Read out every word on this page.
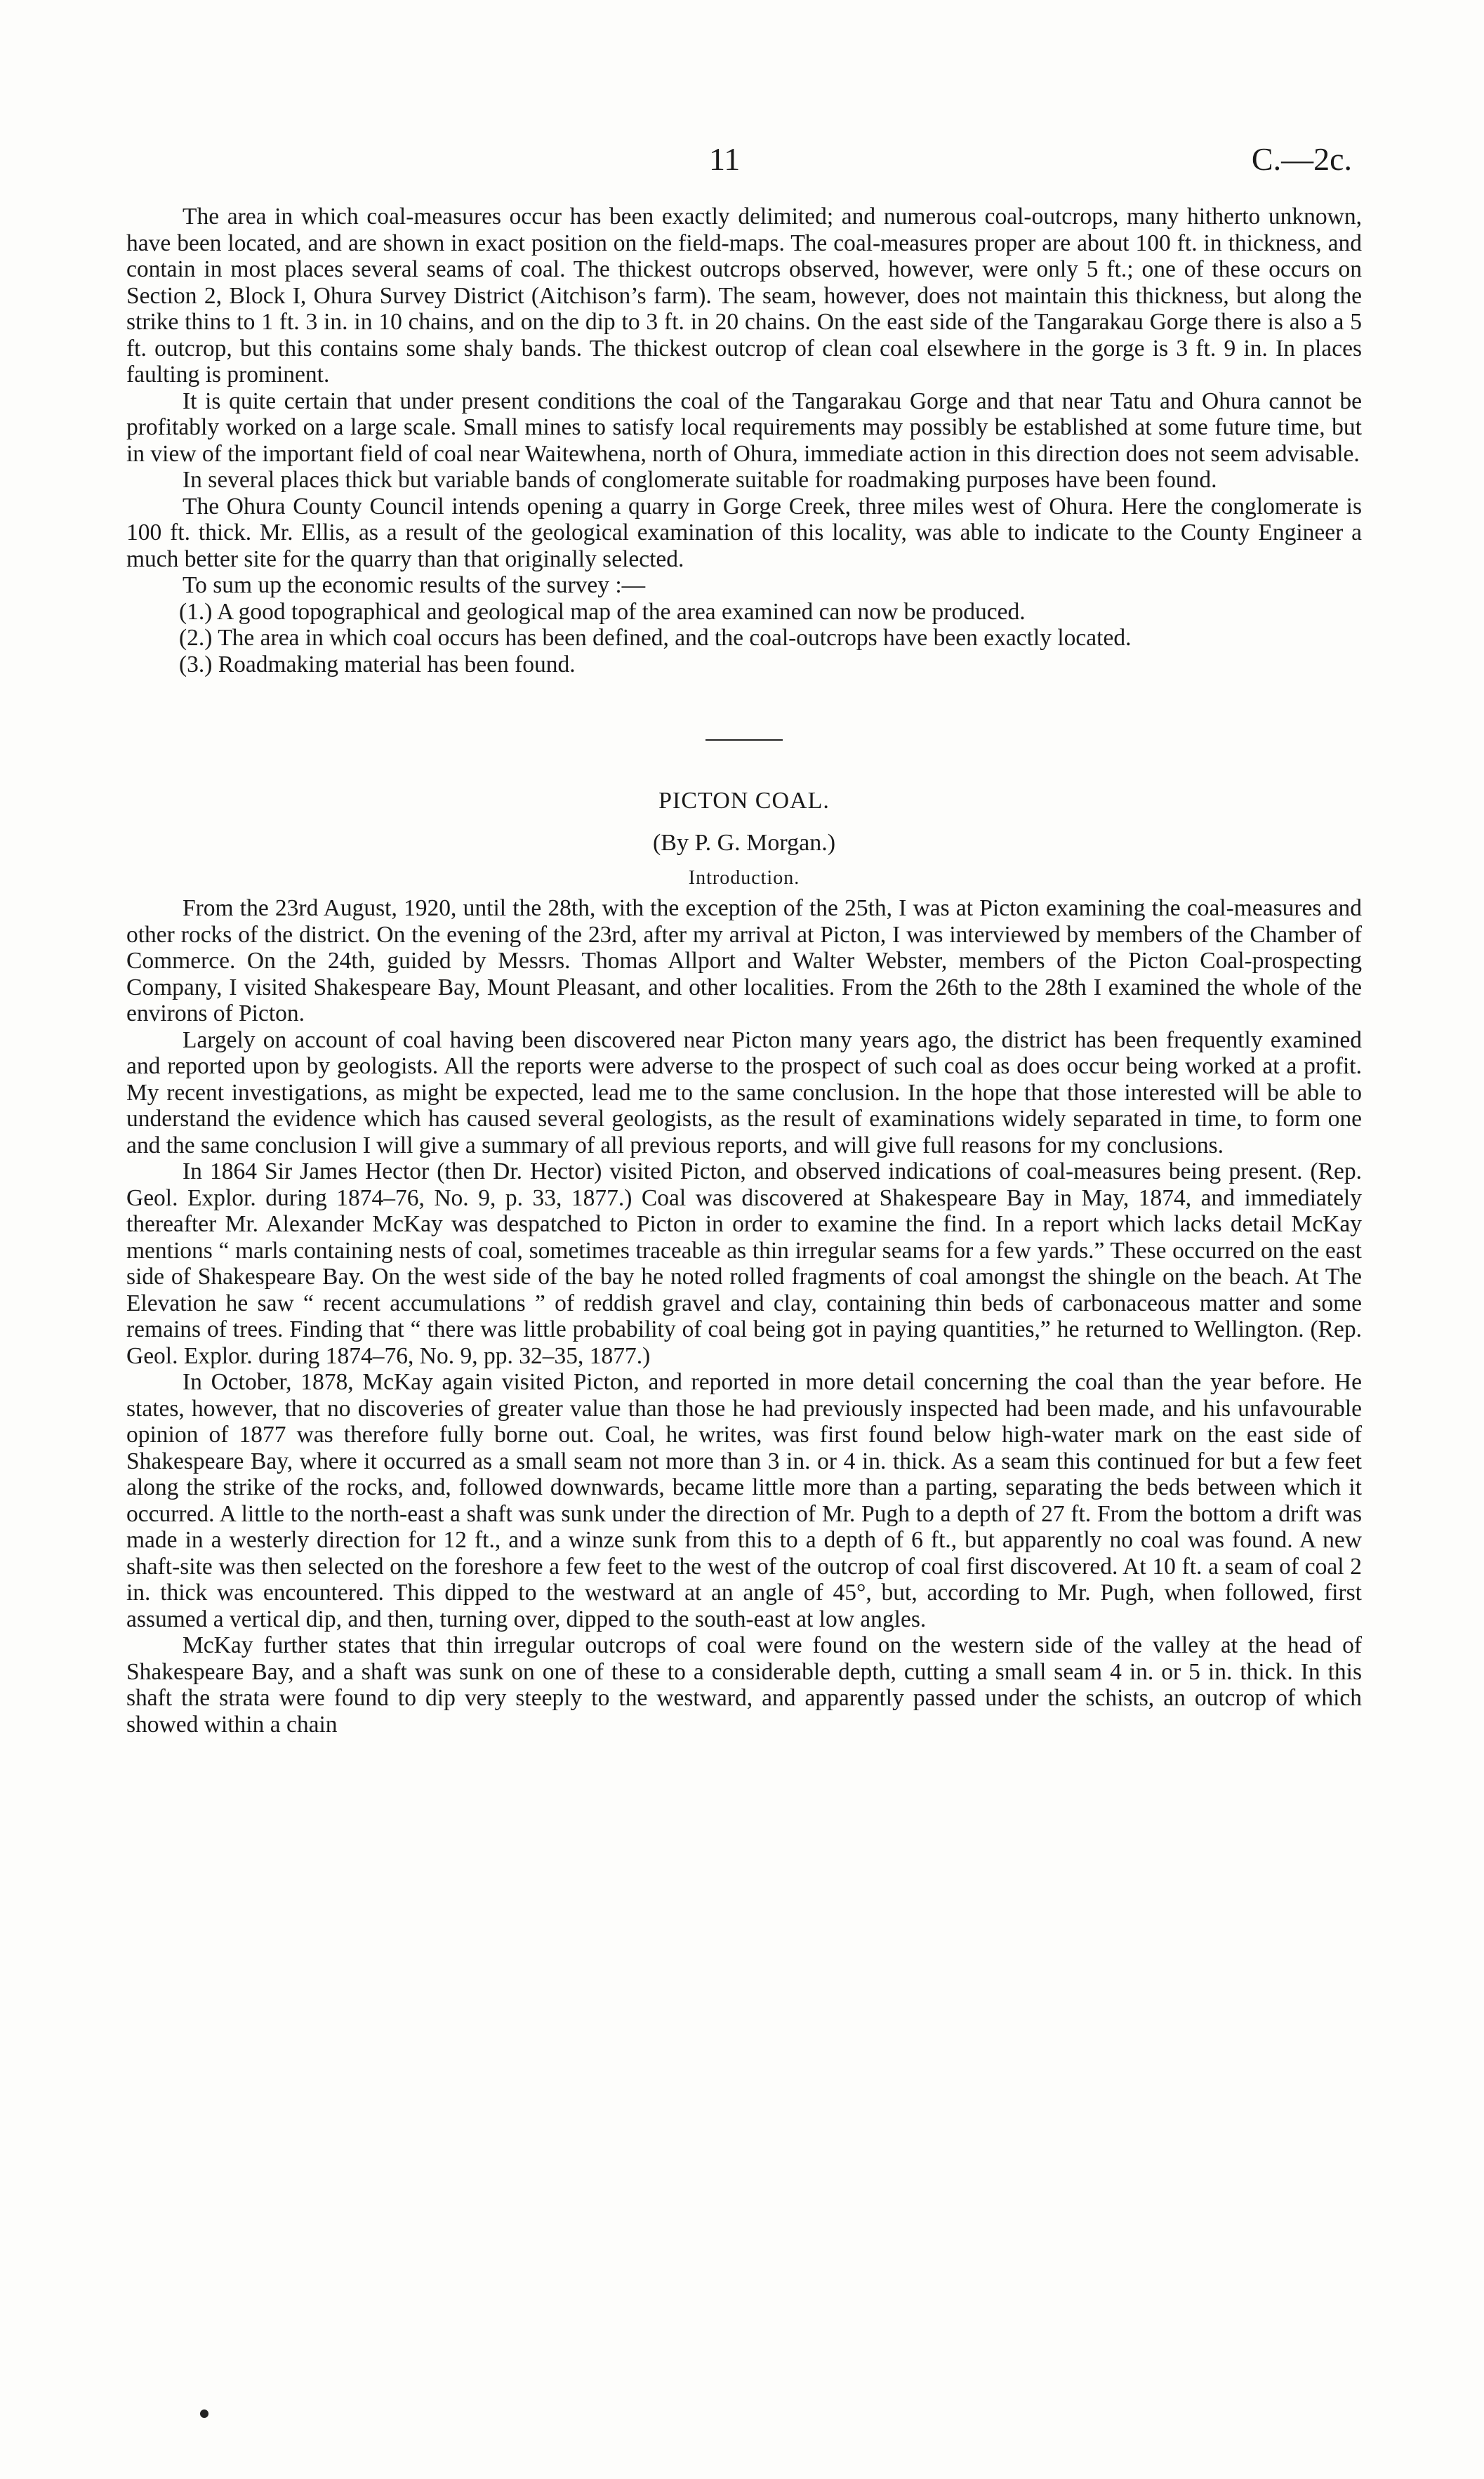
11	C.—2c.

The area in which coal-measures occur has been exactly delimited; and numerous coal-outcrops, many hitherto unknown, have been located, and are shown in exact position on the field-maps. The coal-measures proper are about 100 ft. in thickness, and contain in most places several seams of coal. The thickest outcrops observed, however, were only 5 ft.; one of these occurs on Section 2, Block I, Ohura Survey District (Aitchison’s farm). The seam, however, does not maintain this thickness, but along the strike thins to 1 ft. 3 in. in 10 chains, and on the dip to 3 ft. in 20 chains. On the east side of the Tangarakau Gorge there is also a 5 ft. outcrop, but this contains some shaly bands. The thickest outcrop of clean coal elsewhere in the gorge is 3 ft. 9 in. In places faulting is prominent.

It is quite certain that under present conditions the coal of the Tangarakau Gorge and that near Tatu and Ohura cannot be profitably worked on a large scale. Small mines to satisfy local requirements may possibly be established at some future time, but in view of the important field of coal near Waitewhena, north of Ohura, immediate action in this direction does not seem advisable.

In several places thick but variable bands of conglomerate suitable for roadmaking purposes have been found.

The Ohura County Council intends opening a quarry in Gorge Creek, three miles west of Ohura. Here the conglomerate is 100 ft. thick. Mr. Ellis, as a result of the geological examination of this locality, was able to indicate to the County Engineer a much better site for the quarry than that originally selected.

To sum up the economic results of the survey :—

(1.) A good topographical and geological map of the area examined can now be produced.
(2.) The area in which coal occurs has been defined, and the coal-outcrops have been exactly located.
(3.) Roadmaking material has been found.

PICTON COAL.

(By P. G. Morgan.)

Introduction.

From the 23rd August, 1920, until the 28th, with the exception of the 25th, I was at Picton examining the coal-measures and other rocks of the district. On the evening of the 23rd, after my arrival at Picton, I was interviewed by members of the Chamber of Commerce. On the 24th, guided by Messrs. Thomas Allport and Walter Webster, members of the Picton Coal-prospecting Company, I visited Shakespeare Bay, Mount Pleasant, and other localities. From the 26th to the 28th I examined the whole of the environs of Picton.

Largely on account of coal having been discovered near Picton many years ago, the district has been frequently examined and reported upon by geologists. All the reports were adverse to the prospect of such coal as does occur being worked at a profit. My recent investigations, as might be expected, lead me to the same conclusion. In the hope that those interested will be able to understand the evidence which has caused several geologists, as the result of examinations widely separated in time, to form one and the same conclusion I will give a summary of all previous reports, and will give full reasons for my conclusions.

In 1864 Sir James Hector (then Dr. Hector) visited Picton, and observed indications of coal-measures being present. (Rep. Geol. Explor. during 1874–76, No. 9, p. 33, 1877.) Coal was discovered at Shakespeare Bay in May, 1874, and immediately thereafter Mr. Alexander McKay was despatched to Picton in order to examine the find. In a report which lacks detail McKay mentions “ marls containing nests of coal, sometimes traceable as thin irregular seams for a few yards.” These occurred on the east side of Shakespeare Bay. On the west side of the bay he noted rolled fragments of coal amongst the shingle on the beach. At The Elevation he saw “ recent accumulations ” of reddish gravel and clay, containing thin beds of carbonaceous matter and some remains of trees. Finding that “ there was little probability of coal being got in paying quantities,” he returned to Wellington. (Rep. Geol. Explor. during 1874–76, No. 9, pp. 32–35, 1877.)

In October, 1878, McKay again visited Picton, and reported in more detail concerning the coal than the year before. He states, however, that no discoveries of greater value than those he had previously inspected had been made, and his unfavourable opinion of 1877 was therefore fully borne out. Coal, he writes, was first found below high-water mark on the east side of Shakespeare Bay, where it occurred as a small seam not more than 3 in. or 4 in. thick. As a seam this continued for but a few feet along the strike of the rocks, and, followed downwards, became little more than a parting, separating the beds between which it occurred. A little to the north-east a shaft was sunk under the direction of Mr. Pugh to a depth of 27 ft. From the bottom a drift was made in a westerly direction for 12 ft., and a winze sunk from this to a depth of 6 ft., but apparently no coal was found. A new shaft-site was then selected on the foreshore a few feet to the west of the outcrop of coal first discovered. At 10 ft. a seam of coal 2 in. thick was encountered. This dipped to the westward at an angle of 45°, but, according to Mr. Pugh, when followed, first assumed a vertical dip, and then, turning over, dipped to the south-east at low angles.

McKay further states that thin irregular outcrops of coal were found on the western side of the valley at the head of Shakespeare Bay, and a shaft was sunk on one of these to a considerable depth, cutting a small seam 4 in. or 5 in. thick. In this shaft the strata were found to dip very steeply to the westward, and apparently passed under the schists, an outcrop of which showed within a chain
